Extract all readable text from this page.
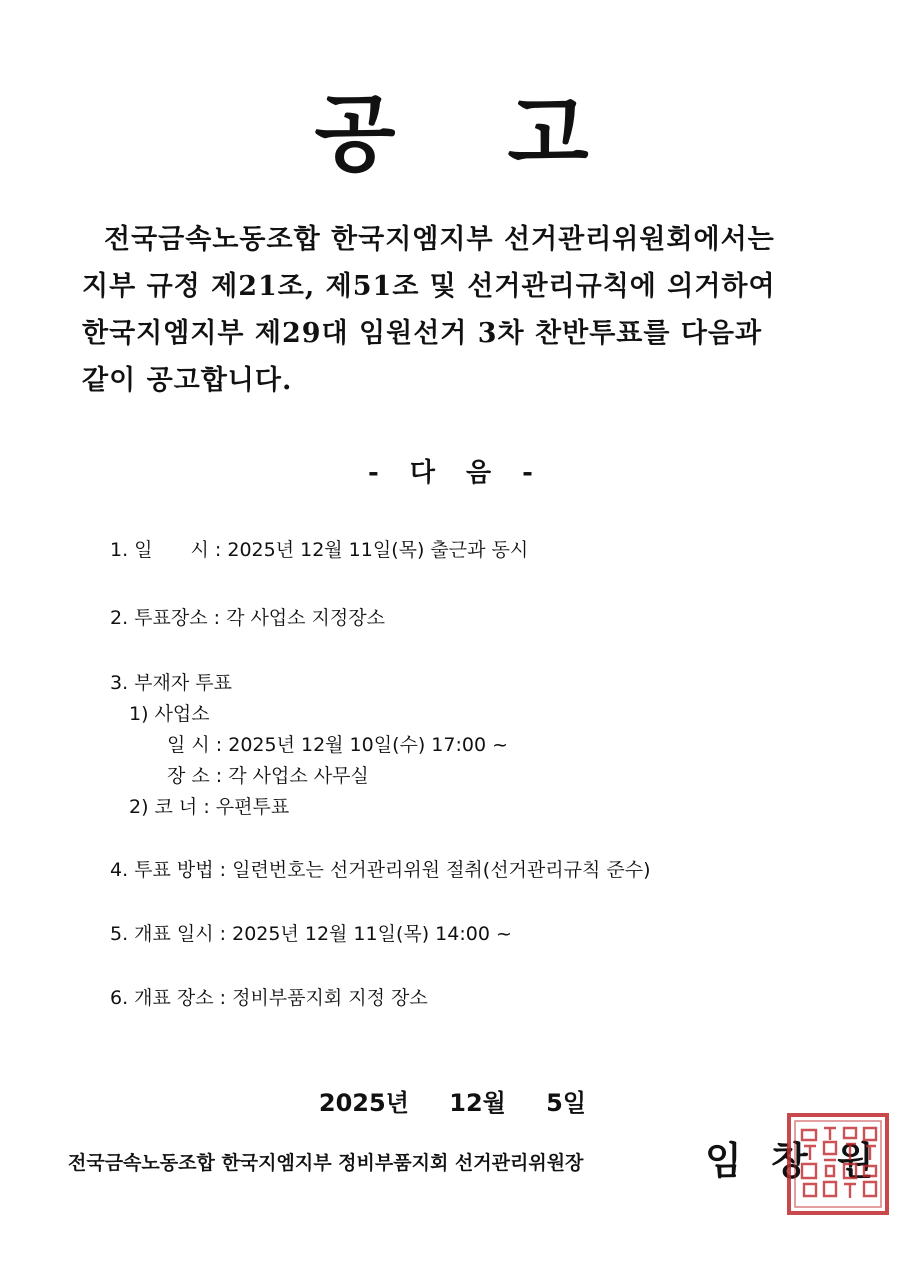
공 고
전국금속노동조합 한국지엠지부 선거관리위원회에서는
지부 규정 제21조, 제51조 및 선거관리규칙에 의거하여
한국지엠지부 제29대 임원선거 3차 찬반투표를 다음과
같이 공고합니다.
- 다 음 -
1. 일　　시 : 2025년 12월 11일(목) 출근과 동시
2. 투표장소 : 각 사업소 지정장소
3. 부재자 투표
　1) 사업소
　　　일 시 : 2025년 12월 10일(수) 17:00 ~
　　　장 소 : 각 사업소 사무실
　2) 코 너 : 우편투표
4. 투표 방법 : 일련번호는 선거관리위원 절취(선거관리규칙 준수)
5. 개표 일시 : 2025년 12월 11일(목) 14:00 ~
6. 개표 장소 : 정비부품지회 지정 장소
2025년 12월 5일
전국금속노동조합 한국지엠지부 정비부품지회 선거관리위원장	임 창 원
